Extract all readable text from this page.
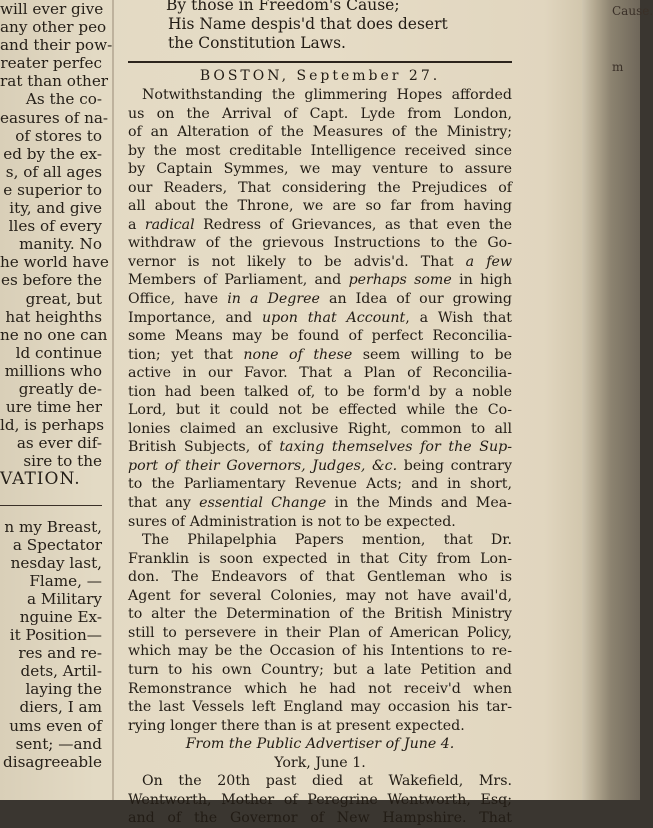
will ever give
any other peo
and their pow-
reater perfec
rat than other
As the co-
easures of na-
of stores to
ed by the ex-
s, of all ages
e superior to
ity, and give
lles of every
manity. No
he world have
es before the
great, but
hat heighths
ne no one can
ld continue
millions who
greatly de-
ure time her
ld, is perhaps
as ever dif-
sire to the
VATION.
n my Breast,
a Spectator
nesday last,
Flame, —
a Military
nguine Ex-
it Position—
res and re-
dets, Artil-
laying the
diers, I am
ums even of
sent; —and
disagreeable
By those in Freedom's Cause;
His Name despis'd that does desert
the Constitution Laws.
BOSTON, September 27.
Notwithstanding the glimmering Hopes afforded
us on the Arrival of Capt. Lyde from London,
of an Alteration of the Measures of the Ministry;
by the most creditable Intelligence received since
by Captain Symmes, we may venture to assure
our Readers, That considering the Prejudices of
all about the Throne, we are so far from having
a radical Redress of Grievances, as that even the
withdraw of the grievous Instructions to the Go-
vernor is not likely to be advis'd. That a few
Members of Parliament, and perhaps some in high
Office, have in a Degree an Idea of our growing
Importance, and upon that Account, a Wish that
some Means may be found of perfect Reconcilia-
tion; yet that none of these seem willing to be
active in our Favor. That a Plan of Reconcilia-
tion had been talked of, to be form'd by a noble
Lord, but it could not be effected while the Co-
lonies claimed an exclusive Right, common to all
British Subjects, of taxing themselves for the Sup-
port of their Governors, Judges, &c. being contrary
to the Parliamentary Revenue Acts; and in short,
that any essential Change in the Minds and Mea-
sures of Administration is not to be expected.
The Philapelphia Papers mention, that Dr.
Franklin is soon expected in that City from Lon-
don. The Endeavors of that Gentleman who is
Agent for several Colonies, may not have avail'd,
to alter the Determination of the British Ministry
still to persevere in their Plan of American Policy,
which may be the Occasion of his Intentions to re-
turn to his own Country; but a late Petition and
Remonstrance which he had not receiv'd when
the last Vessels left England may occasion his tar-
rying longer there than is at present expected.
From the Public Advertiser of June 4.
York, June 1.
On the 20th past died at Wakefield, Mrs.
Wentworth, Mother of Peregrine Wentworth, Esq;
and of the Governor of New Hampshire. That
Cause.
m
